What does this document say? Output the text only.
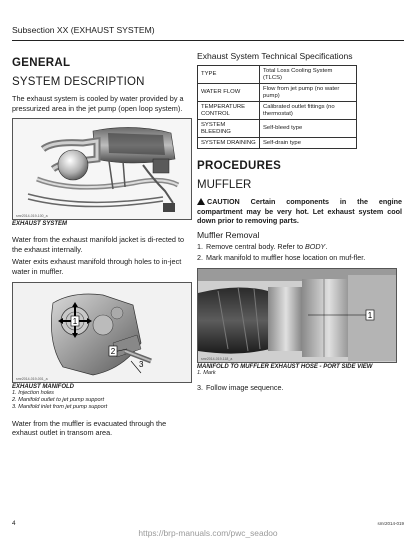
Subsection XX (EXHAUST SYSTEM)
GENERAL
SYSTEM DESCRIPTION
The exhaust system is cooled by water provided by a pressurized area in the jet pump (open loop system).
smr2014-019-100_a
EXHAUST SYSTEM
Water from the exhaust manifold jacket is di-rected to the exhaust internally.
Water exits exhaust manifold through holes to in-ject water in muffler.
1
2
3
smr2014-019-001_a
EXHAUST MANIFOLD
1. Injection holes
2. Manifold outlet to jet pump support
3. Manifold inlet from jet pump support
Water from the muffler is evacuated through the exhaust outlet in transom area.
Exhaust System Technical Specifications
TYPE	Total Loss Cooling System (TLCS)
WATER FLOW	Flow from jet pump (no water pump)
TEMPERATURE CONTROL	Calibrated outlet fittings (no thermostat)
SYSTEM BLEEDING	Self-bleed type
SYSTEM DRAINING	Self-drain type
PROCEDURES
MUFFLER
CAUTION Certain components in the engine compartment may be very hot. Let exhaust system cool down prior to removing parts.
Muffler Removal
1. Remove central body. Refer to BODY.
2. Mark manifold to muffler hose location on muf-fler.
1
smr2014-019-118_a
MANIFOLD TO MUFFLER EXHAUST HOSE - PORT SIDE VIEW
1. Mark
3. Follow image sequence.
4	smr2014-019
https://brp-manuals.com/pwc_seadoo
